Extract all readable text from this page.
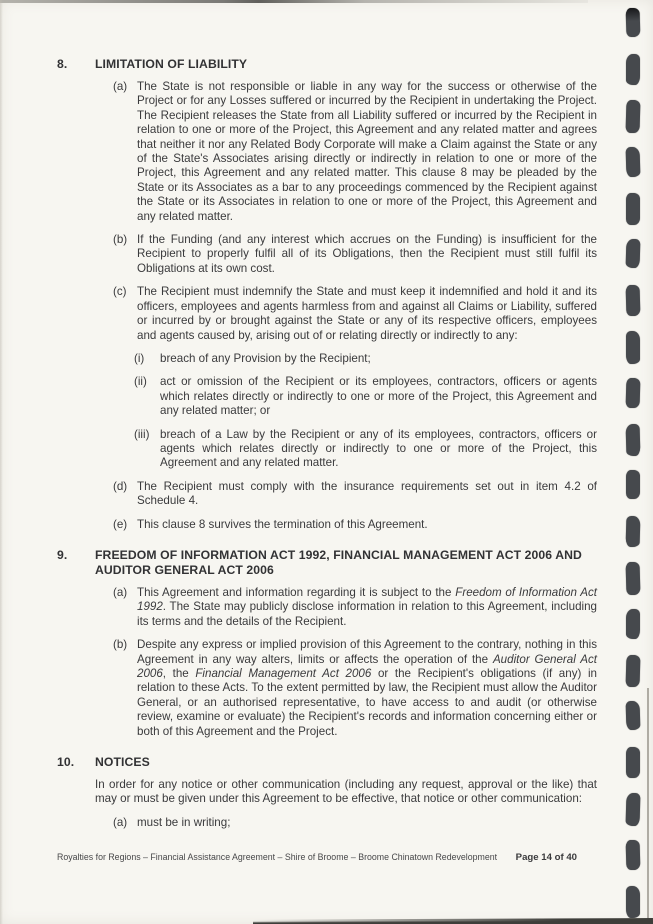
8.	LIMITATION OF LIABILITY
(a) The State is not responsible or liable in any way for the success or otherwise of the Project or for any Losses suffered or incurred by the Recipient in undertaking the Project. The Recipient releases the State from all Liability suffered or incurred by the Recipient in relation to one or more of the Project, this Agreement and any related matter and agrees that neither it nor any Related Body Corporate will make a Claim against the State or any of the State's Associates arising directly or indirectly in relation to one or more of the Project, this Agreement and any related matter. This clause 8 may be pleaded by the State or its Associates as a bar to any proceedings commenced by the Recipient against the State or its Associates in relation to one or more of the Project, this Agreement and any related matter.
(b) If the Funding (and any interest which accrues on the Funding) is insufficient for the Recipient to properly fulfil all of its Obligations, then the Recipient must still fulfil its Obligations at its own cost.
(c) The Recipient must indemnify the State and must keep it indemnified and hold it and its officers, employees and agents harmless from and against all Claims or Liability, suffered or incurred by or brought against the State or any of its respective officers, employees and agents caused by, arising out of or relating directly or indirectly to any:
(i)	breach of any Provision by the Recipient;
(ii)	act or omission of the Recipient or its employees, contractors, officers or agents which relates directly or indirectly to one or more of the Project, this Agreement and any related matter; or
(iii) breach of a Law by the Recipient or any of its employees, contractors, officers or agents which relates directly or indirectly to one or more of the Project, this Agreement and any related matter.
(d) The Recipient must comply with the insurance requirements set out in item 4.2 of Schedule 4.
(e) This clause 8 survives the termination of this Agreement.
9.	FREEDOM OF INFORMATION ACT 1992, FINANCIAL MANAGEMENT ACT 2006 AND AUDITOR GENERAL ACT 2006
(a) This Agreement and information regarding it is subject to the Freedom of Information Act 1992. The State may publicly disclose information in relation to this Agreement, including its terms and the details of the Recipient.
(b) Despite any express or implied provision of this Agreement to the contrary, nothing in this Agreement in any way alters, limits or affects the operation of the Auditor General Act 2006, the Financial Management Act 2006 or the Recipient's obligations (if any) in relation to these Acts. To the extent permitted by law, the Recipient must allow the Auditor General, or an authorised representative, to have access to and audit (or otherwise review, examine or evaluate) the Recipient's records and information concerning either or both of this Agreement and the Project.
10.	NOTICES
In order for any notice or other communication (including any request, approval or the like) that may or must be given under this Agreement to be effective, that notice or other communication:
(a) must be in writing;
Royalties for Regions – Financial Assistance Agreement – Shire of Broome – Broome Chinatown Redevelopment Page 14 of 40
